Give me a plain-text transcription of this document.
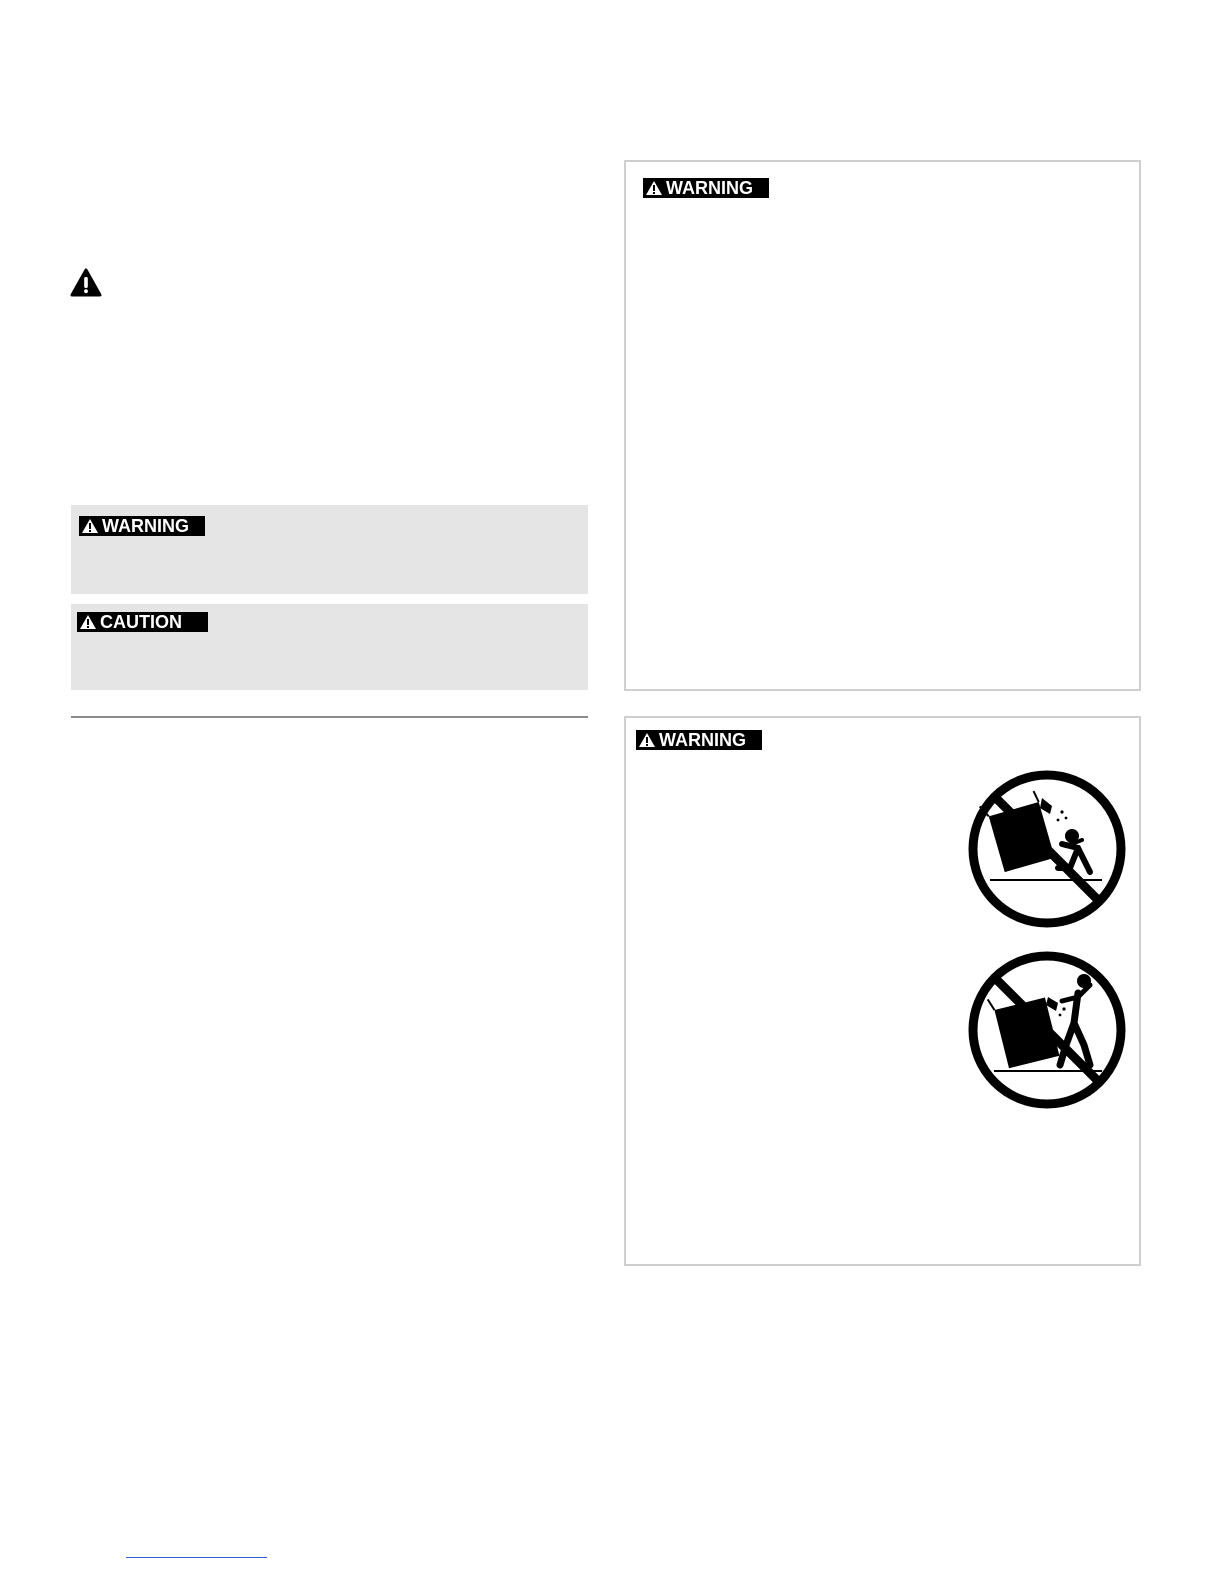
WARNING
CAUTION
WARNING
WARNING
